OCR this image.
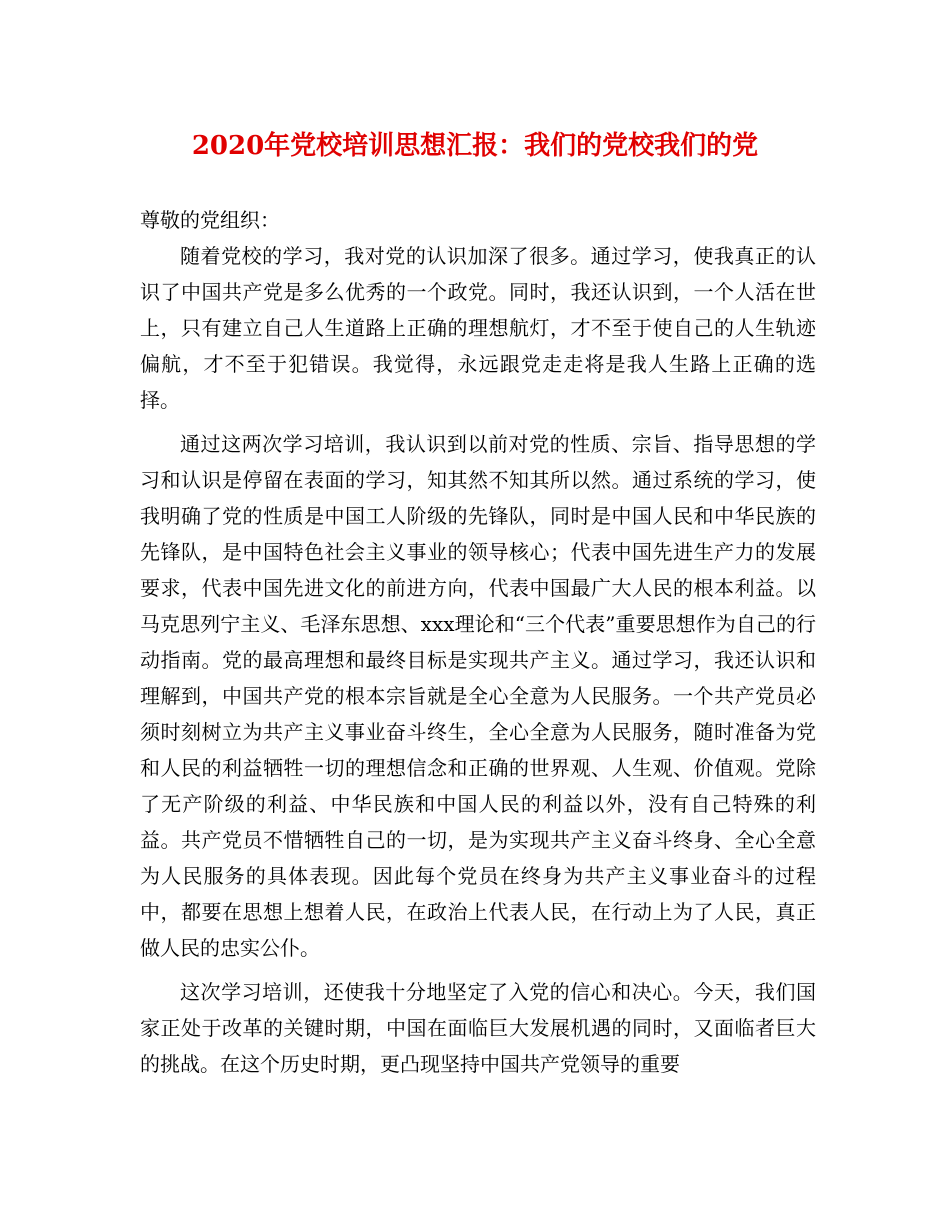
2020年党校培训思想汇报：我们的党校我们的党

尊敬的党组织：

随着党校的学习，我对党的认识加深了很多。通过学习，使我真正的认识了中国共产党是多么优秀的一个政党。同时，我还认识到，一个人活在世上，只有建立自己人生道路上正确的理想航灯，才不至于使自己的人生轨迹偏航，才不至于犯错误。我觉得，永远跟党走走将是我人生路上正确的选择。

通过这两次学习培训，我认识到以前对党的性质、宗旨、指导思想的学习和认识是停留在表面的学习，知其然不知其所以然。通过系统的学习，使我明确了党的性质是中国工人阶级的先锋队，同时是中国人民和中华民族的先锋队，是中国特色社会主义事业的领导核心；代表中国先进生产力的发展要求，代表中国先进文化的前进方向，代表中国最广大人民的根本利益。以马克思列宁主义、毛泽东思想、xxx理论和“三个代表”重要思想作为自己的行动指南。党的最高理想和最终目标是实现共产主义。通过学习，我还认识和理解到，中国共产党的根本宗旨就是全心全意为人民服务。一个共产党员必须时刻树立为共产主义事业奋斗终生，全心全意为人民服务，随时准备为党和人民的利益牺牲一切的理想信念和正确的世界观、人生观、价值观。党除了无产阶级的利益、中华民族和中国人民的利益以外，没有自己特殊的利益。共产党员不惜牺牲自己的一切，是为实现共产主义奋斗终身、全心全意为人民服务的具体表现。因此每个党员在终身为共产主义事业奋斗的过程中，都要在思想上想着人民，在政治上代表人民，在行动上为了人民，真正做人民的忠实公仆。

这次学习培训，还使我十分地坚定了入党的信心和决心。今天，我们国家正处于改革的关键时期，中国在面临巨大发展机遇的同时，又面临者巨大的挑战。在这个历史时期，更凸现坚持中国共产党领导的重要
